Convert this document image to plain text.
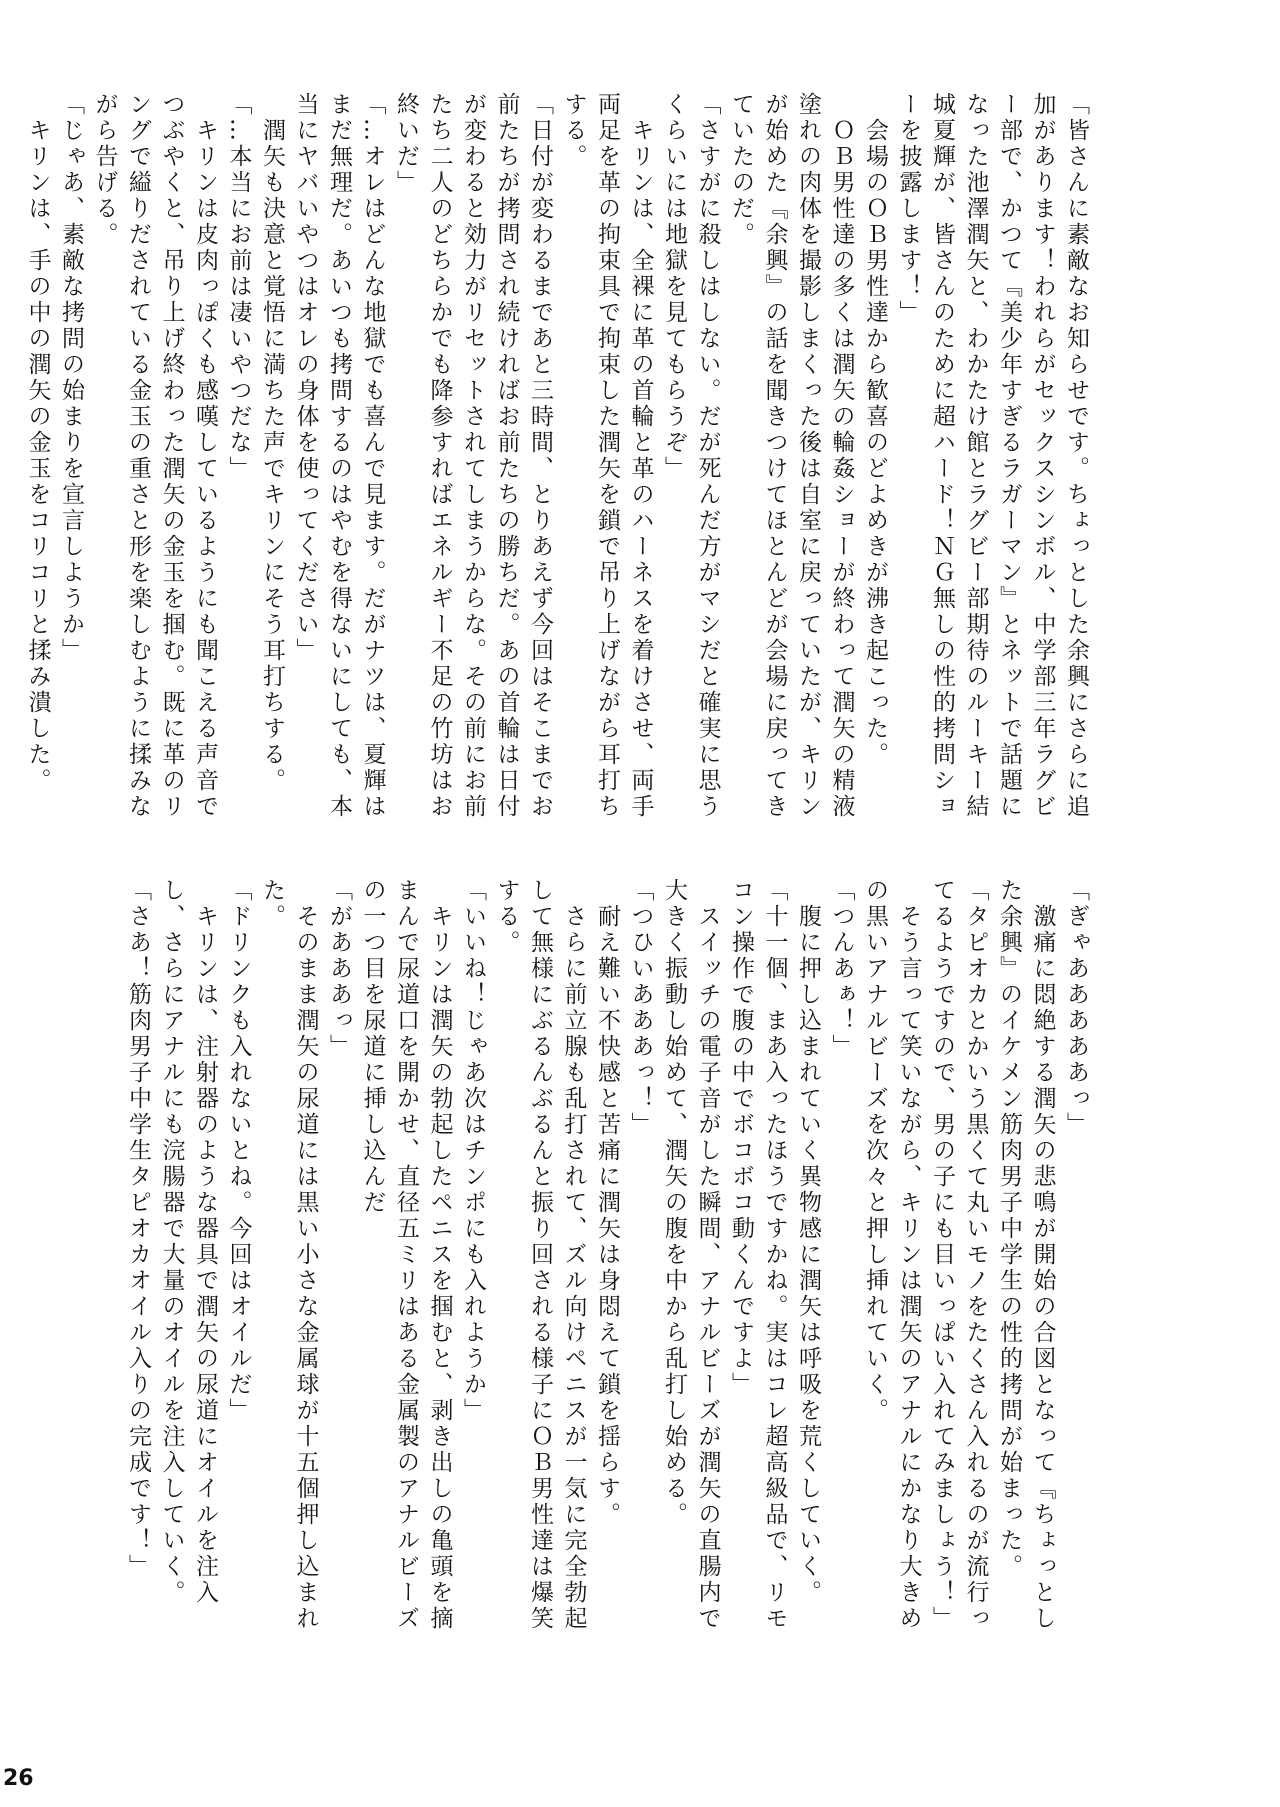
「皆さんに素敵なお知らせです。ちょっとした余興にさらに追加があります！われらがセックスシンボル、中学部三年ラグビー部で、かつて『美少年すぎるラガーマン』とネットで話題になった池澤潤矢と、わかたけ館とラグビー部期待のルーキー結城夏輝が、皆さんのために超ハード！ＮＧ無しの性的拷問ショーを披露します！」

　会場のＯＢ男性達から歓喜のどよめきが沸き起こった。

　ＯＢ男性達の多くは潤矢の輪姦ショーが終わって潤矢の精液塗れの肉体を撮影しまくった後は自室に戻っていたが、キリンが始めた『余興』の話を聞きつけてほとんどが会場に戻ってきていたのだ。

「さすがに殺しはしない。だが死んだ方がマシだと確実に思うくらいには地獄を見てもらうぞ」

　キリンは、全裸に革の首輪と革のハーネスを着けさせ、両手両足を革の拘束具で拘束した潤矢を鎖で吊り上げながら耳打ちする。

「日付が変わるまであと三時間、とりあえず今回はそこまでお前たちが拷問され続ければお前たちの勝ちだ。あの首輪は日付が変わると効力がリセットされてしまうからな。その前にお前たち二人のどちらかでも降参すればエネルギー不足の竹坊はお終いだ」

「…オレはどんな地獄でも喜んで見ます。だがナツは、夏輝はまだ無理だ。あいつも拷問するのはやむを得ないにしても、本当にヤバいやつはオレの身体を使ってください」

　潤矢も決意と覚悟に満ちた声でキリンにそう耳打ちする。

「…本当にお前は凄いやつだな」

　キリンは皮肉っぽくも感嘆しているようにも聞こえる声音でつぶやくと、吊り上げ終わった潤矢の金玉を掴む。既に革のリングで縊りだされている金玉の重さと形を楽しむように揉みながら告げる。

「じゃあ、素敵な拷問の始まりを宣言しようか」

　キリンは、手の中の潤矢の金玉をコリコリと揉み潰した。

「ぎゃあああああっ」

　激痛に悶絶する潤矢の悲鳴が開始の合図となって『ちょっとした余興』のイケメン筋肉男子中学生の性的拷問が始まった。

「タピオカとかいう黒くて丸いモノをたくさん入れるのが流行ってるようですので、男の子にも目いっぱい入れてみましょう！」

　そう言って笑いながら、キリンは潤矢のアナルにかなり大きめの黒いアナルビーズを次々と押し挿れていく。

「つんあぁ！」

　腹に押し込まれていく異物感に潤矢は呼吸を荒くしていく。

「十一個、まあ入ったほうですかね。実はコレ超高級品で、リモコン操作で腹の中でボコボコ動くんですよ」

　スイッチの電子音がした瞬間、アナルビーズが潤矢の直腸内で大きく振動し始めて、潤矢の腹を中から乱打し始める。

「つひいあああっ！」

　耐え難い不快感と苦痛に潤矢は身悶えて鎖を揺らす。

　さらに前立腺も乱打されて、ズル向けペニスが一気に完全勃起して無様にぶるんぶるんと振り回される様子にＯＢ男性達は爆笑する。

「いいね！じゃあ次はチンポにも入れようか」

　キリンは潤矢の勃起したペニスを掴むと、剥き出しの亀頭を摘まんで尿道口を開かせ、直径五ミリはある金属製のアナルビーズの一つ目を尿道に挿し込んだ

「があああっ」

　そのまま潤矢の尿道には黒い小さな金属球が十五個押し込まれた。

「ドリンクも入れないとね。今回はオイルだ」

　キリンは、注射器のような器具で潤矢の尿道にオイルを注入し、さらにアナルにも浣腸器で大量のオイルを注入していく。

「さあ！筋肉男子中学生タピオカオイル入りの完成です！」

26
